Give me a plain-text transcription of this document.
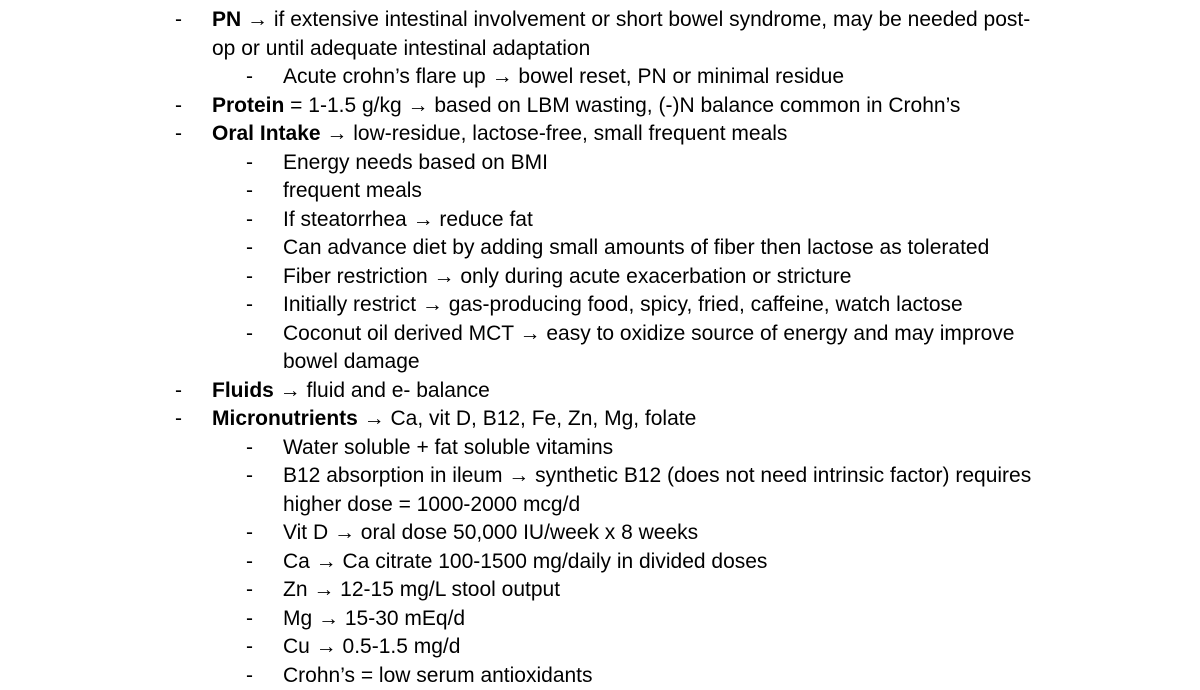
- PN → if extensive intestinal involvement or short bowel syndrome, may be needed post-op or until adequate intestinal adaptation
- Acute crohn’s flare up → bowel reset, PN or minimal residue
- Protein = 1-1.5 g/kg → based on LBM wasting, (-)N balance common in Crohn’s
- Oral Intake → low-residue, lactose-free, small frequent meals
- Energy needs based on BMI
- frequent meals
- If steatorrhea → reduce fat
- Can advance diet by adding small amounts of fiber then lactose as tolerated
- Fiber restriction → only during acute exacerbation or stricture
- Initially restrict → gas-producing food, spicy, fried, caffeine, watch lactose
- Coconut oil derived MCT → easy to oxidize source of energy and may improve bowel damage
- Fluids → fluid and e- balance
- Micronutrients → Ca, vit D, B12, Fe, Zn, Mg, folate
- Water soluble + fat soluble vitamins
- B12 absorption in ileum → synthetic B12 (does not need intrinsic factor) requires higher dose = 1000-2000 mcg/d
- Vit D → oral dose 50,000 IU/week x 8 weeks
- Ca → Ca citrate 100-1500 mg/daily in divided doses
- Zn → 12-15 mg/L stool output
- Mg → 15-30 mEq/d
- Cu → 0.5-1.5 mg/d
- Crohn’s = low serum antioxidants
